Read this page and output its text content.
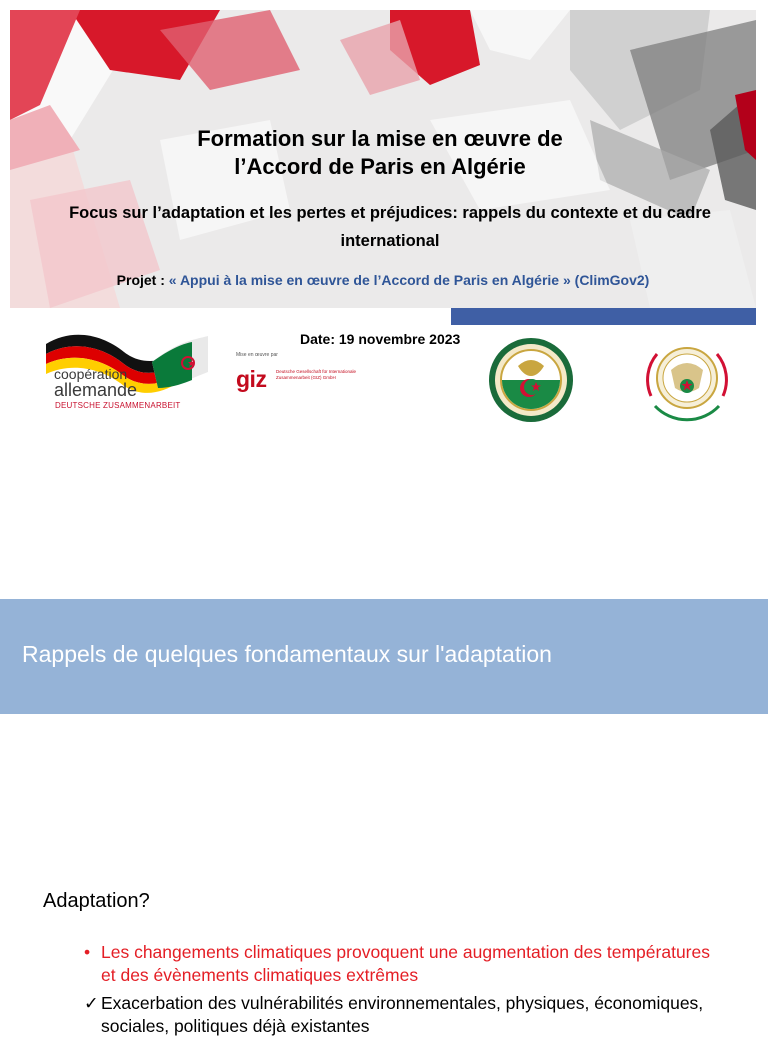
Formation sur la mise en œuvre de
l’Accord de Paris en Algérie

Focus sur l’adaptation et les pertes et préjudices: rappels du contexte et du cadre international

Projet : « Appui à la mise en œuvre de l’Accord de Paris en Algérie » (ClimGov2)
Date: 19 novembre 2023
coopération
allemande
DEUTSCHE ZUSAMMENARBEIT
Mise en œuvre par
giz Deutsche Gesellschaft für Internationale Zusammenarbeit (GIZ) GmbH
Rappels de quelques fondamentaux sur l'adaptation
Adaptation?
• Les changements climatiques provoquent une augmentation des températures et des évènements climatiques extrêmes
✓ Exacerbation des vulnérabilités environnementales, physiques, économiques, sociales, politiques déjà existantes
